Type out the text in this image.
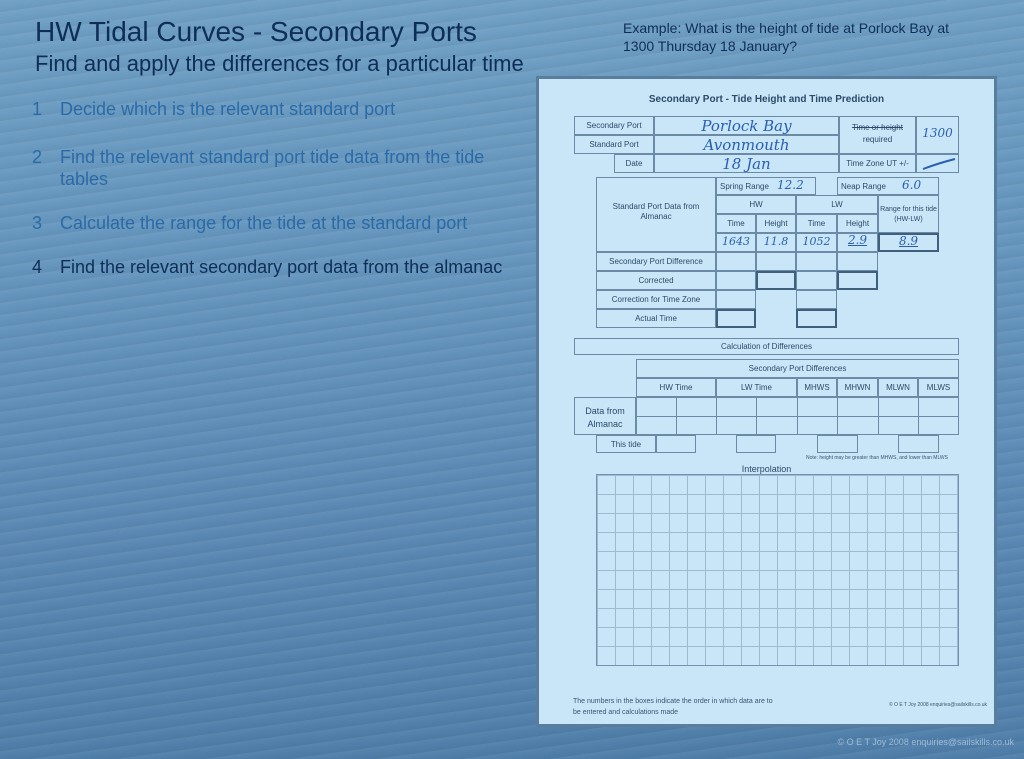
HW Tidal Curves - Secondary Ports
Find and apply the differences for a particular time
Example: What is the height of tide at Porlock Bay at 1300 Thursday 18 January?
1 Decide which is the relevant standard port
2 Find the relevant standard port tide data from the tide tables
3 Calculate the range for the tide at the standard port
4 Find the relevant secondary port data from the almanac
Secondary Port - Tide Height and Time Prediction
Secondary Port	Porlock Bay
Standard Port	Avonmouth
Date	18 Jan
Time or height
required	1300
Time Zone UT +/-
Standard Port Data from Almanac
Spring Range 12.2	Neap Range 6.0
HW	LW
Range for this tide (HW-LW)
Time	Height	Time	Height
1643	11.8	1052	2.9	8.9
Secondary Port Difference
Corrected
Correction for Time Zone
Actual Time
Calculation of Differences
Secondary Port Differences
HW Time	LW Time	MHWS	MHWN	MLWN	MLWS
Data from Almanac
This tide
Note: height may be greater than MHWS, and lower than MLWS
Interpolation
The numbers in the boxes indicate the order in which data are to be entered and calculations made
© O E T Joy 2008 enquiries@sailskills.co.uk
© O E T Joy 2008 enquiries@sailskills.co.uk
